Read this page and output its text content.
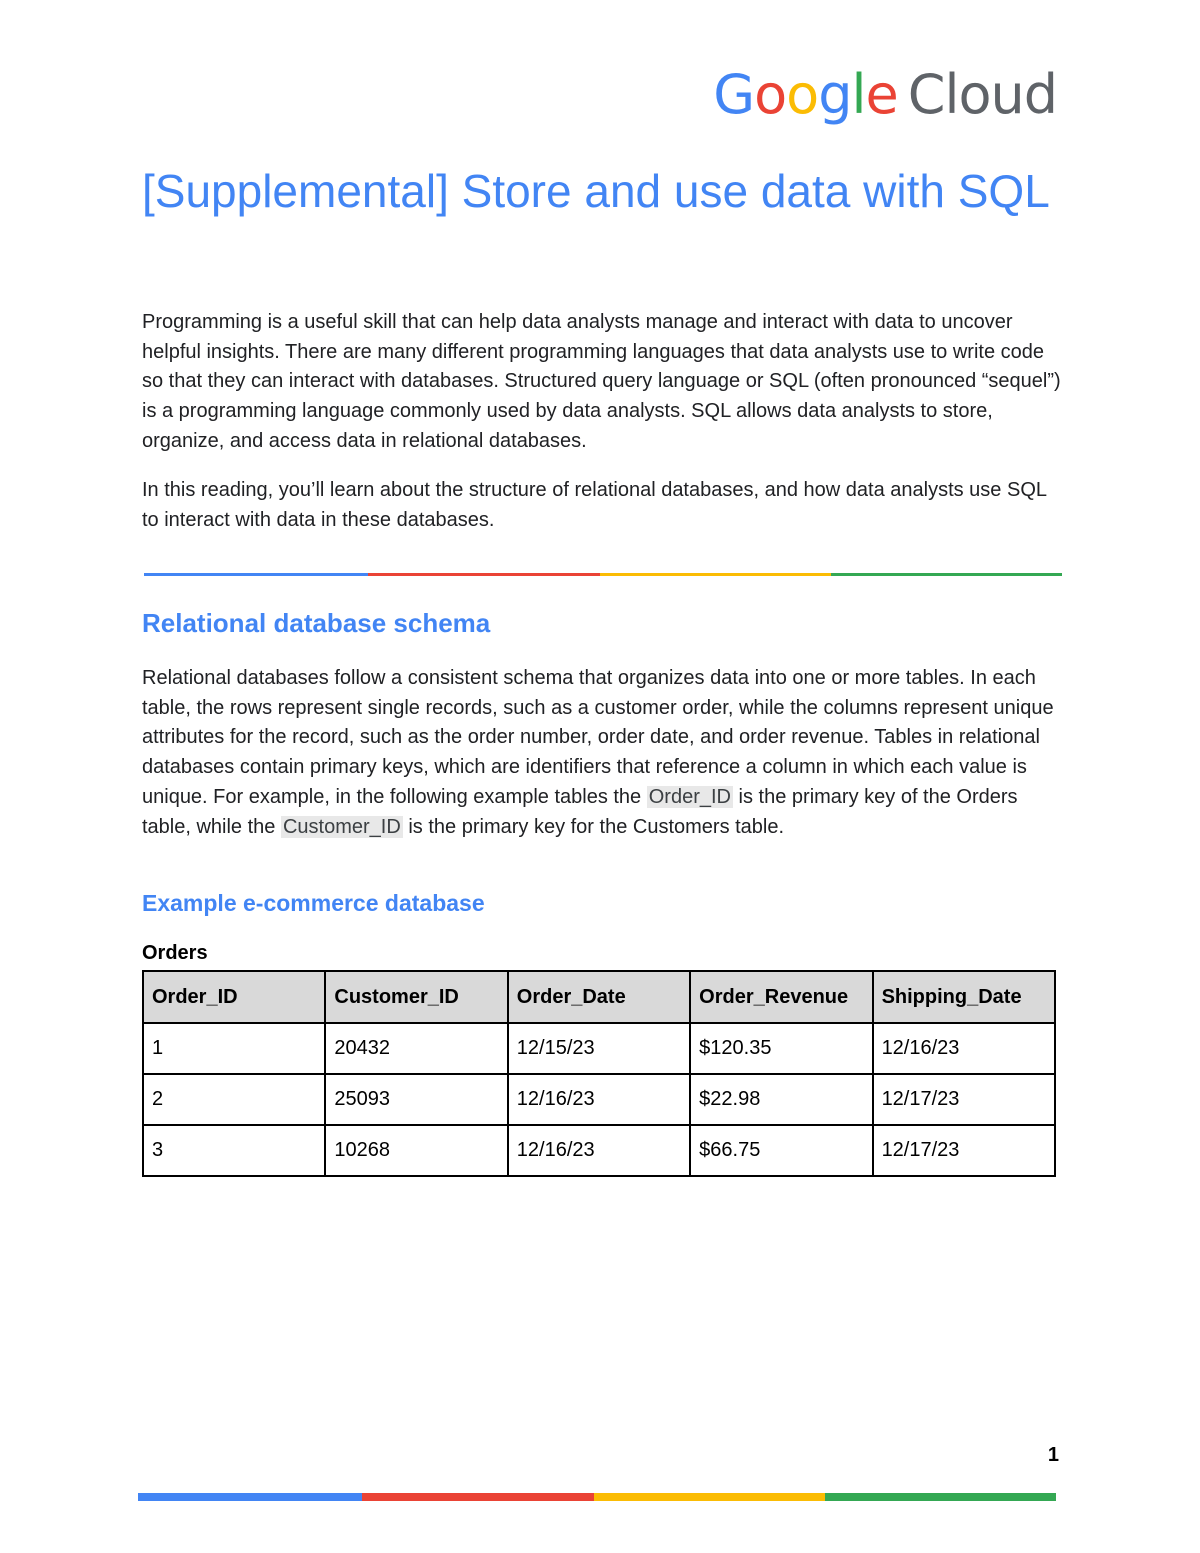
Google Cloud
[Supplemental] Store and use data with SQL

Programming is a useful skill that can help data analysts manage and interact with data to uncover helpful insights. There are many different programming languages that data analysts use to write code so that they can interact with databases. Structured query language or SQL (often pronounced “sequel”) is a programming language commonly used by data analysts. SQL allows data analysts to store, organize, and access data in relational databases.

In this reading, you’ll learn about the structure of relational databases, and how data analysts use SQL to interact with data in these databases.

Relational database schema

Relational databases follow a consistent schema that organizes data into one or more tables. In each table, the rows represent single records, such as a customer order, while the columns represent unique attributes for the record, such as the order number, order date, and order revenue. Tables in relational databases contain primary keys, which are identifiers that reference a column in which each value is unique. For example, in the following example tables the Order_ID is the primary key of the Orders table, while the Customer_ID is the primary key for the Customers table.

Example e-commerce database

Orders

Order_ID	Customer_ID	Order_Date	Order_Revenue	Shipping_Date
1	20432	12/15/23	$120.35	12/16/23
2	25093	12/16/23	$22.98	12/17/23
3	10268	12/16/23	$66.75	12/17/23
1
